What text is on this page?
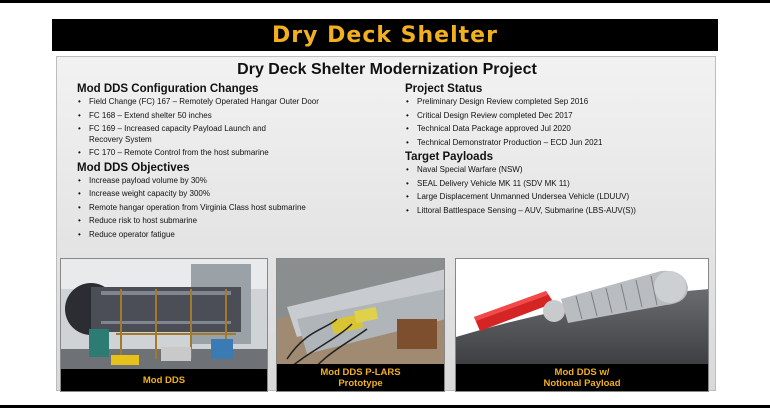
Dry Deck Shelter
Dry Deck Shelter Modernization Project
Mod DDS Configuration Changes
• Field Change (FC) 167 – Remotely Operated Hangar Outer Door
• FC 168 – Extend shelter 50 inches
• FC 169 – Increased capacity Payload Launch and Recovery System
• FC 170 – Remote Control from the host submarine
Mod DDS Objectives
• Increase payload volume by 30%
• Increase weight capacity by 300%
• Remote hangar operation from Virginia Class host submarine
• Reduce risk to host submarine
• Reduce operator fatigue
Project Status
• Preliminary Design Review completed Sep 2016
• Critical Design Review completed Dec 2017
• Technical Data Package approved Jul 2020
• Technical Demonstrator Production – ECD Jun 2021
Target Payloads
• Naval Special Warfare (NSW)
• SEAL Delivery Vehicle MK 11 (SDV MK 11)
• Large Displacement Unmanned Undersea Vehicle (LDUUV)
• Littoral Battlespace Sensing – AUV, Submarine (LBS-AUV(S))
Mod DDS
Mod DDS P-LARS
Prototype
Mod DDS w/
Notional Payload
